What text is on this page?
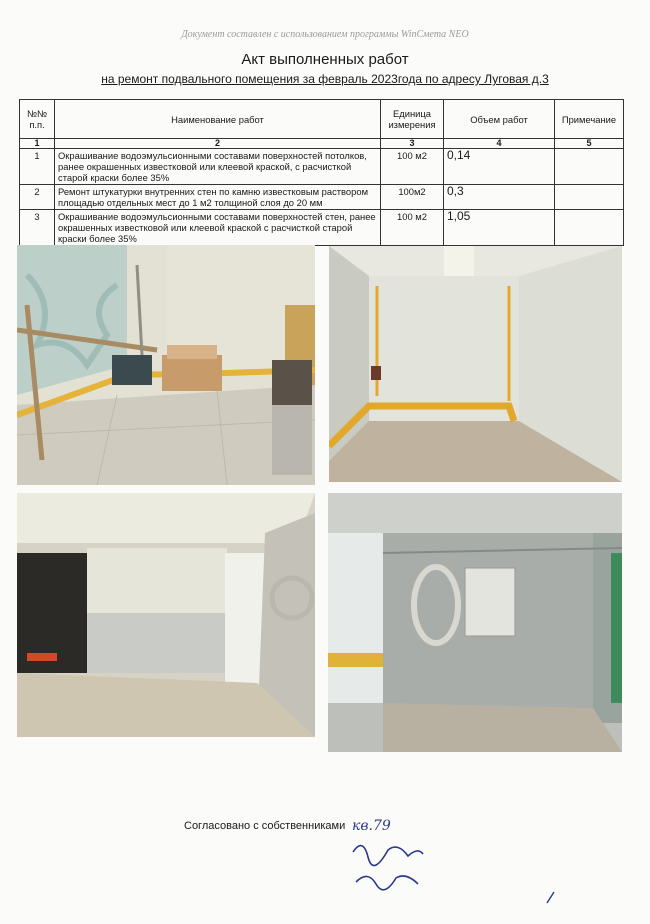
Документ составлен с использованием программы WinСмета NEO
Акт выполненных работ
на ремонт подвального помещения за февраль 2023года по адресу Луговая д.3
№№ п.п.	Наименование работ	Единица измерения	Объем работ	Примечание
1	2	3	4	5
1	Окрашивание водоэмульсионными составами поверхностей потолков, ранее окрашенных известковой или клеевой краской, с расчисткой старой краски более 35%	100 м2	0,14	
2	Ремонт штукатурки внутренних стен по камню известковым раствором площадью отдельных мест до 1 м2 толщиной слоя до 20 мм	100м2	0,3	
3	Окрашивание водоэмульсионными составами поверхностей стен, ранее окрашенных известковой или клеевой краской с расчисткой старой краски более 35%	100 м2	1,05	
Согласовано с собственниками кв.79
